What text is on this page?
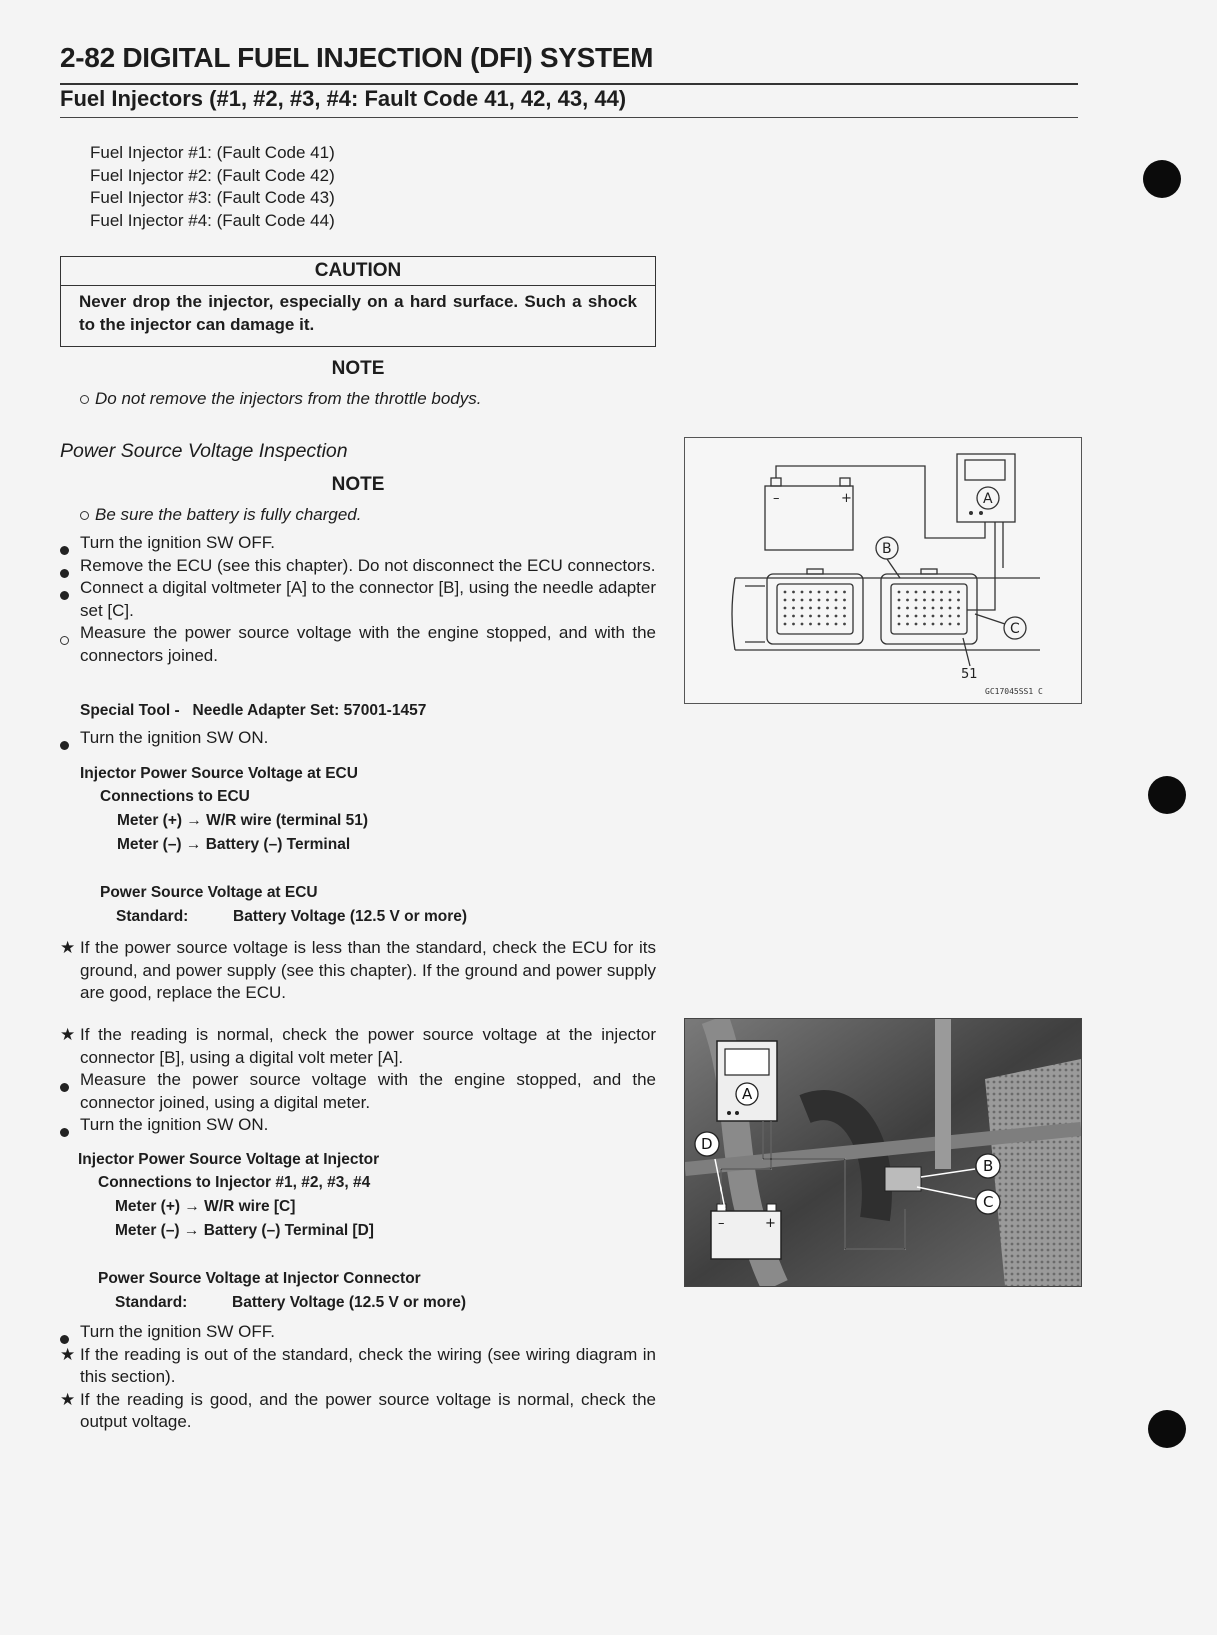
2-82 DIGITAL FUEL INJECTION (DFI) SYSTEM
Fuel Injectors (#1, #2, #3, #4: Fault Code 41, 42, 43, 44)
Fuel Injector #1: (Fault Code 41)
Fuel Injector #2: (Fault Code 42)
Fuel Injector #3: (Fault Code 43)
Fuel Injector #4: (Fault Code 44)
CAUTION
Never drop the injector, especially on a hard surface. Such a shock to the injector can damage it.
NOTE
Do not remove the injectors from the throttle bodys.
Power Source Voltage Inspection
NOTE
Be sure the battery is fully charged.
Turn the ignition SW OFF.
Remove the ECU (see this chapter). Do not disconnect the ECU connectors.
Connect a digital voltmeter [A] to the connector [B], using the needle adapter set [C].
Measure the power source voltage with the engine stopped, and with the connectors joined.
Special Tool - Needle Adapter Set: 57001-1457
Turn the ignition SW ON.
Injector Power Source Voltage at ECU
Connections to ECU
Meter (+) → W/R wire (terminal 51)
Meter (–) → Battery (–) Terminal
Power Source Voltage at ECU
Standard:	Battery Voltage (12.5 V or more)
★ If the power source voltage is less than the standard, check the ECU for its ground, and power supply (see this chapter). If the ground and power supply are good, replace the ECU.
★ If the reading is normal, check the power source voltage at the injector connector [B], using a digital volt meter [A].
Measure the power source voltage with the engine stopped, and the connector joined, using a digital meter.
Turn the ignition SW ON.
Injector Power Source Voltage at Injector
Connections to Injector #1, #2, #3, #4
Meter (+) → W/R wire [C]
Meter (–) → Battery (–) Terminal [D]
Power Source Voltage at Injector Connector
Standard:	Battery Voltage (12.5 V or more)
Turn the ignition SW OFF.
★ If the reading is out of the standard, check the wiring (see wiring diagram in this section).
★ If the reading is good, and the power source voltage is normal, check the output voltage.
–	+	A
B
C
51
GC17045SS1 C
A
B
C
D
–	+
